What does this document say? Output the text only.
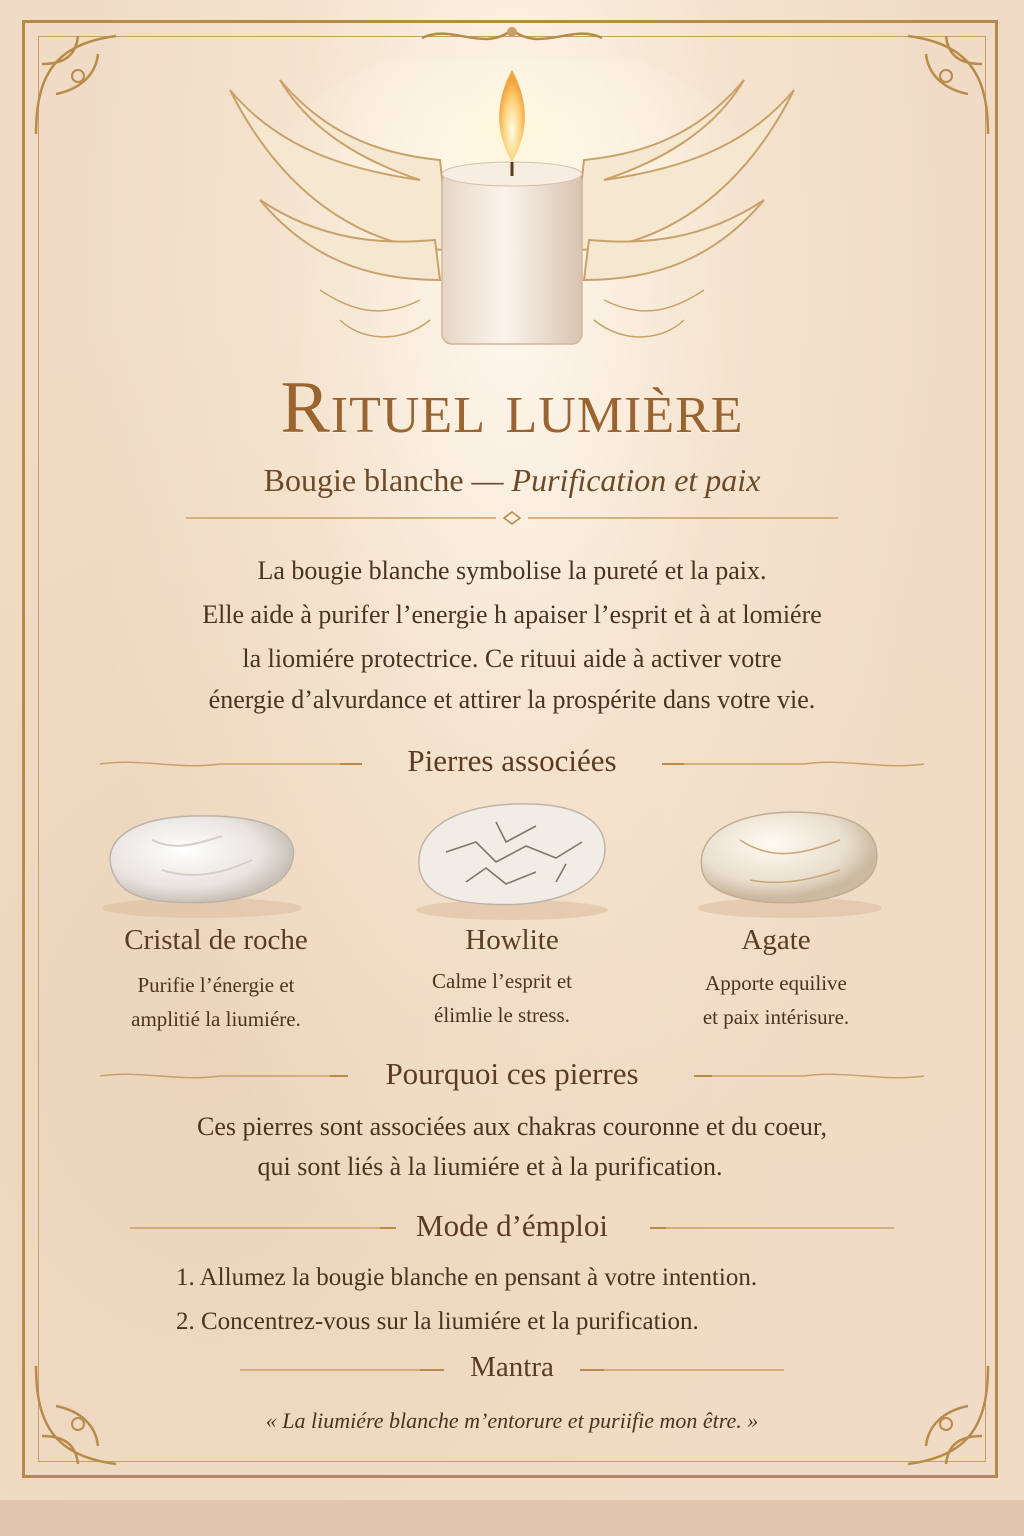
Rituel lumière
Bougie blanche — Purification et paix
La bougie blanche symbolise la pureté et la paix.
Elle aide à purifer l’energie h apaiser l’esprit et à at lomiére
la liomiére protectrice. Ce rituui aide à activer votre
énergie d’alvurdance et attirer la prospérite dans votre vie.
Pierres associées
Cristal de roche
Purifie l’énergie et
amplitié la liumiére.
Howlite
Calme l’esprit et
élimlie le stress.
Agate
Apporte equilive
et paix intérisure.
Pourquoi ces pierres
Ces pierres sont associées aux chakras couronne et du coeur,
qui sont liés à la liumiére et à la purification.
Mode d’émploi
1. Allumez la bougie blanche en pensant à votre intention.
2. Concentrez-vous sur la liumiére et la purification.
Mantra
« La liumiére blanche m’entorure et puriifie mon être. »
